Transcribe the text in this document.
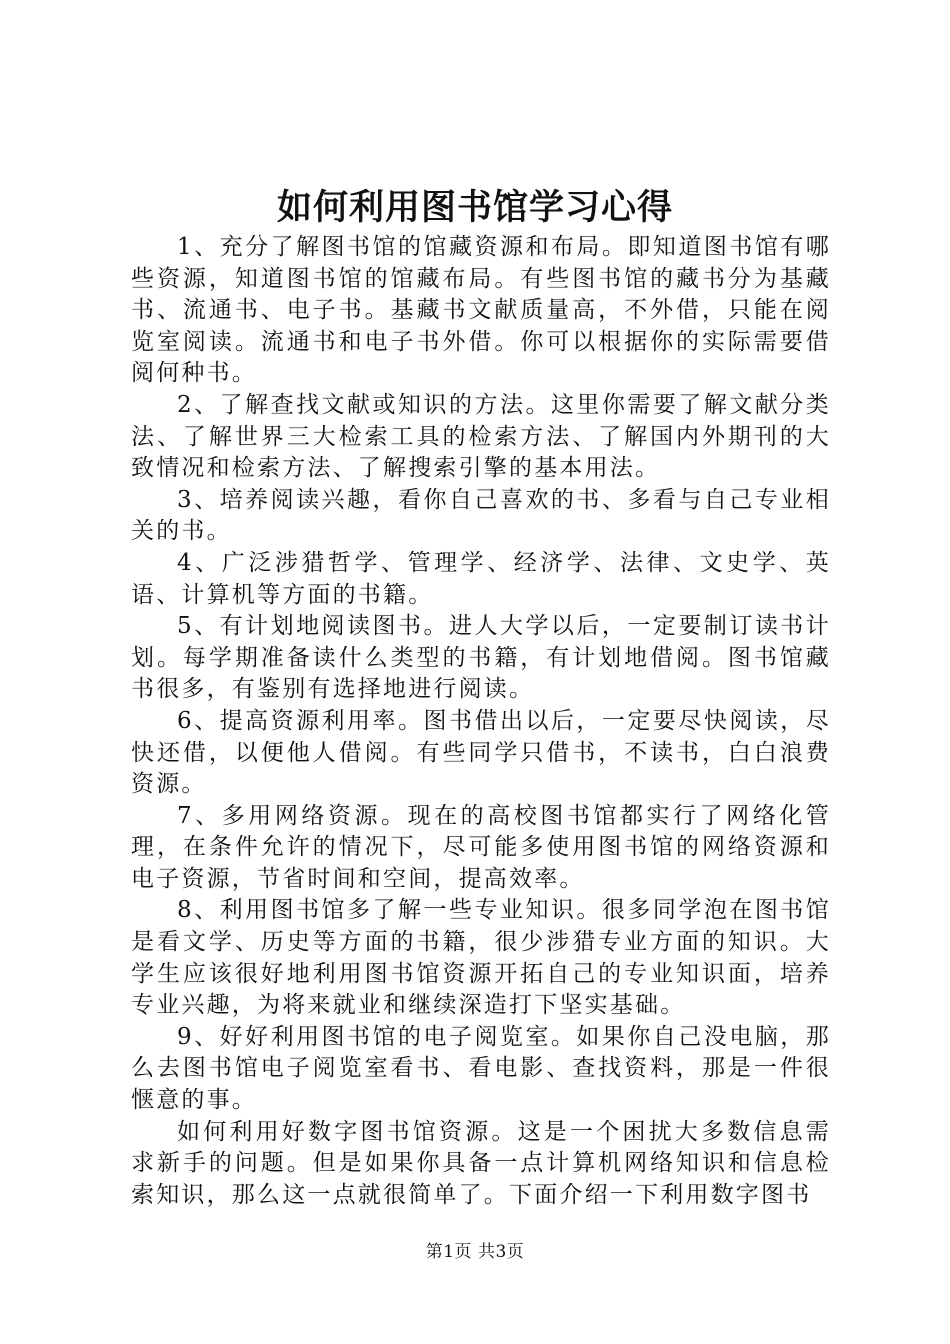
如何利用图书馆学习心得

1、充分了解图书馆的馆藏资源和布局。即知道图书馆有哪些资源，知道图书馆的馆藏布局。有些图书馆的藏书分为基藏书、流通书、电子书。基藏书文献质量高，不外借，只能在阅览室阅读。流通书和电子书外借。你可以根据你的实际需要借阅何种书。

2、了解查找文献或知识的方法。这里你需要了解文献分类法、了解世界三大检索工具的检索方法、了解国内外期刊的大致情况和检索方法、了解搜索引擎的基本用法。

3、培养阅读兴趣，看你自己喜欢的书、多看与自己专业相关的书。

4、广泛涉猎哲学、管理学、经济学、法律、文史学、英语、计算机等方面的书籍。

5、有计划地阅读图书。进人大学以后，一定要制订读书计划。每学期准备读什么类型的书籍，有计划地借阅。图书馆藏书很多，有鉴别有选择地进行阅读。

6、提高资源利用率。图书借出以后，一定要尽快阅读，尽快还借，以便他人借阅。有些同学只借书，不读书，白白浪费资源。

7、多用网络资源。现在的高校图书馆都实行了网络化管理，在条件允许的情况下，尽可能多使用图书馆的网络资源和电子资源，节省时间和空间，提高效率。

8、利用图书馆多了解一些专业知识。很多同学泡在图书馆是看文学、历史等方面的书籍，很少涉猎专业方面的知识。大学生应该很好地利用图书馆资源开拓自己的专业知识面，培养专业兴趣，为将来就业和继续深造打下坚实基础。

9、好好利用图书馆的电子阅览室。如果你自己没电脑，那么去图书馆电子阅览室看书、看电影、查找资料，那是一件很惬意的事。

如何利用好数字图书馆资源。这是一个困扰大多数信息需求新手的问题。但是如果你具备一点计算机网络知识和信息检索知识，那么这一点就很简单了。下面介绍一下利用数字图书

第1页 共3页
